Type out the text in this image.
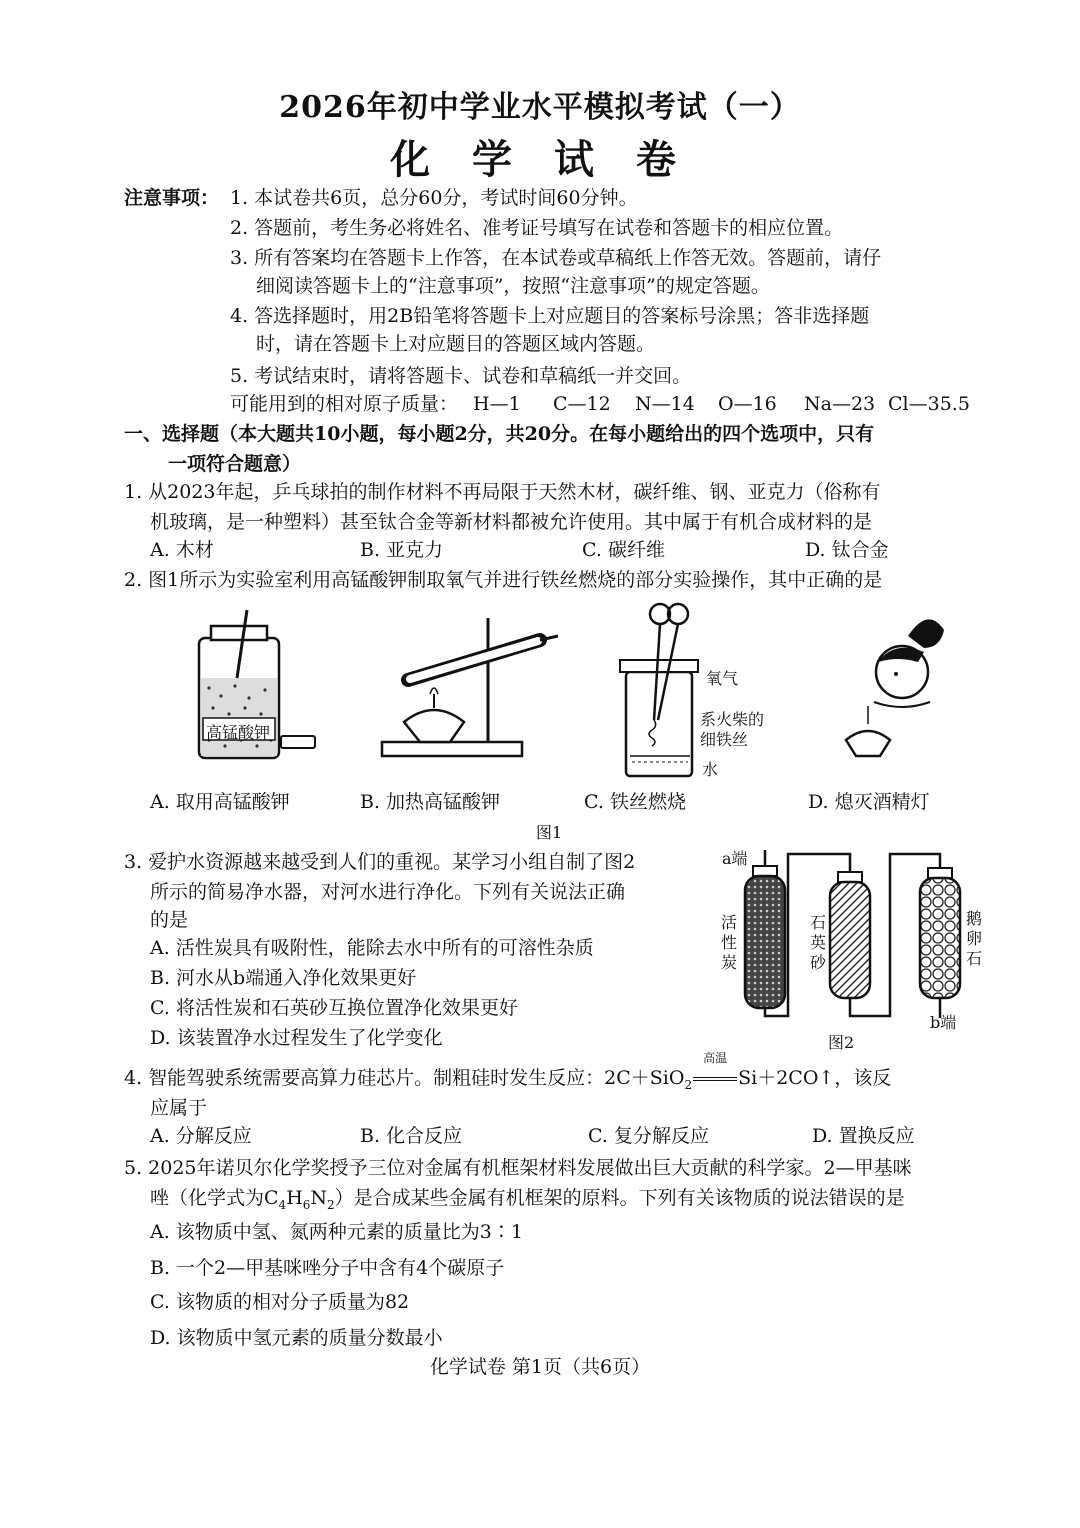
2026年初中学业水平模拟考试（一）
化 学 试 卷
注意事项： 1. 本试卷共6页，总分60分，考试时间60分钟。
2. 答题前，考生务必将姓名、准考证号填写在试卷和答题卡的相应位置。
3. 所有答案均在答题卡上作答，在本试卷或草稿纸上作答无效。答题前，请仔
细阅读答题卡上的“注意事项”，按照“注意事项”的规定答题。
4. 答选择题时，用2B铅笔将答题卡上对应题目的答案标号涂黑；答非选择题
时，请在答题卡上对应题目的答题区域内答题。
5. 考试结束时，请将答题卡、试卷和草稿纸一并交回。
可能用到的相对原子质量： H—1 C—12 N—14 O—16 Na—23 Cl—35.5
一、选择题（本大题共10小题，每小题2分，共20分。在每小题给出的四个选项中，只有
一项符合题意）
1. 从2023年起，乒乓球拍的制作材料不再局限于天然木材，碳纤维、钢、亚克力（俗称有
机玻璃，是一种塑料）甚至钛合金等新材料都被允许使用。其中属于有机合成材料的是
A. 木材	B. 亚克力	C. 碳纤维	D. 钛合金
2. 图1所示为实验室利用高锰酸钾制取氧气并进行铁丝燃烧的部分实验操作，其中正确的是
高锰酸钾
氧气
系火柴的
细铁丝
水
A. 取用高锰酸钾	B. 加热高锰酸钾	C. 铁丝燃烧	D. 熄灭酒精灯
图1
3. 爱护水资源越来越受到人们的重视。某学习小组自制了图2
所示的简易净水器，对河水进行净化。下列有关说法正确
的是
A. 活性炭具有吸附性，能除去水中所有的可溶性杂质
B. 河水从b端通入净化效果更好
C. 将活性炭和石英砂互换位置净化效果更好
D. 该装置净水过程发生了化学变化
a端
b端
活
性
炭
石
英
砂
鹅
卵
石
图2
4. 智能驾驶系统需要高算力硅芯片。制粗硅时发生反应：2C＋SiO$_2$
高温
Si＋2CO↑，该反
应属于
A. 分解反应	B. 化合反应	C. 复分解反应	D. 置换反应
5. 2025年诺贝尔化学奖授予三位对金属有机框架材料发展做出巨大贡献的科学家。2—甲基咪
唑（化学式为$C_4H_6N_2$）是合成某些金属有机框架的原料。下列有关该物质的说法错误的是
A. 该物质中氢、氮两种元素的质量比为3∶1
B. 一个2—甲基咪唑分子中含有4个碳原子
C. 该物质的相对分子质量为82
D. 该物质中氢元素的质量分数最小
化学试卷 第1页（共6页）
